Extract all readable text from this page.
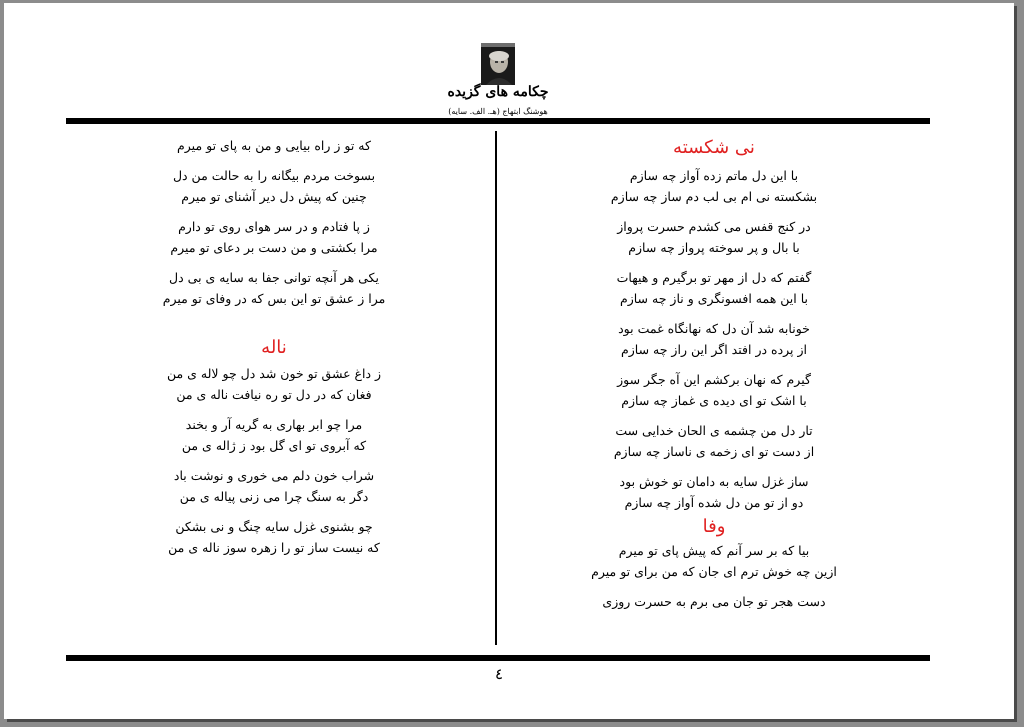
چکامه های گزیده
هوشنگ ابتهاج (هـ. الف. سایه)
نی شکسته
با این دل ماتم زده آواز چه سازم
بشکسته نی ام بی لب دم ساز چه سازم
در کنج قفس می کشدم حسرت پرواز
با بال و پر سوخته پرواز چه سازم
گفتم که دل از مهر تو برگیرم و هیهات
با این همه افسونگری و ناز چه سازم
خونابه شد آن دل که نهانگاه غمت بود
از پرده در افتد اگر این راز چه سازم
گیرم که نهان برکشم این آه جگر سوز
با اشک تو ای دیده ی غماز چه سازم
تار دل من چشمه ی الحان خدایی ست
از دست تو ای زخمه ی ناساز چه سازم
ساز غزل سایه به دامان تو خوش بود
دو از تو من دل شده آواز چه سازم
وفا
بیا که بر سر آنم که پیش پای تو میرم
ازین چه خوش ترم ای جان که من برای تو میرم
دست هجر تو جان می برم به حسرت روزی
که تو ز راه بیایی و من به پای تو میرم
بسوخت مردم بیگانه را به حالت من دل
چنین که پیش دل دیر آشنای تو میرم
ز پا فتادم و در سر هوای روی تو دارم
مرا بکشتی و من دست بر دعای تو میرم
یکی هر آنچه توانی جفا به سایه ی بی دل
مرا ز عشق تو این بس که در وفای تو میرم
ناله
ز داغ عشق تو خون شد دل چو لاله ی من
فغان که در دل تو ره نیافت ناله ی من
مرا چو ابر بهاری به گریه آر و بخند
که آبروی تو ای گل بود ز ژاله ی من
شراب خون دلم می خوری و نوشت باد
دگر به سنگ چرا می زنی پیاله ی من
چو بشنوی غزل سایه چنگ و نی بشکن
که نیست ساز تو را زهره سوز ناله ی من
٤
